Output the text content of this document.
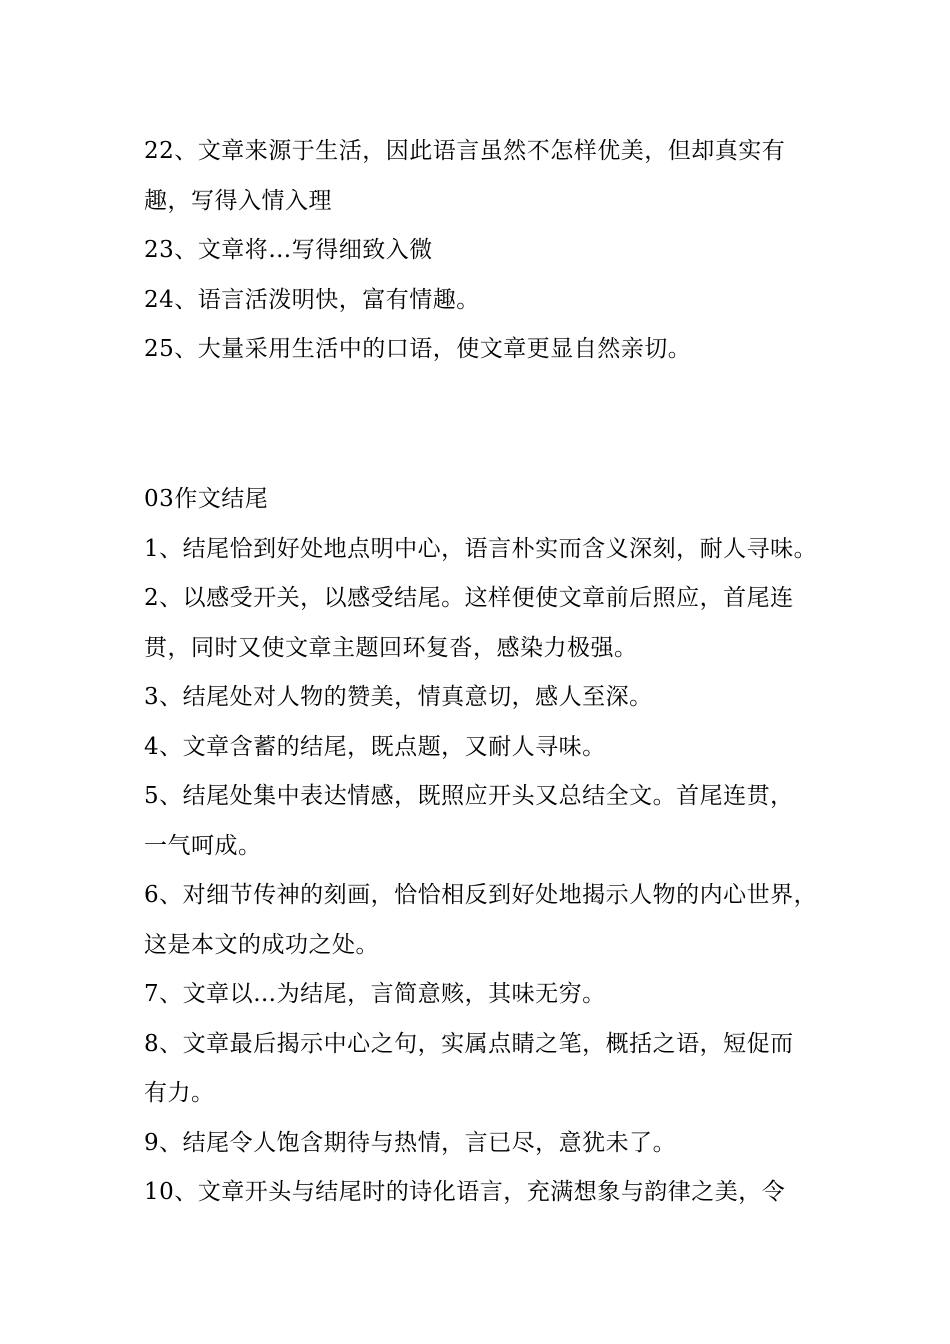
22、文章来源于生活，因此语言虽然不怎样优美，但却真实有
趣，写得入情入理
23、文章将…写得细致入微
24、语言活泼明快，富有情趣。
25、大量采用生活中的口语，使文章更显自然亲切。
03作文结尾
1、结尾恰到好处地点明中心，语言朴实而含义深刻，耐人寻味。
2、以感受开关，以感受结尾。这样便使文章前后照应，首尾连
贯，同时又使文章主题回环复沓，感染力极强。
3、结尾处对人物的赞美，情真意切，感人至深。
4、文章含蓄的结尾，既点题，又耐人寻味。
5、结尾处集中表达情感，既照应开头又总结全文。首尾连贯，
一气呵成。
6、对细节传神的刻画，恰恰相反到好处地揭示人物的内心世界，
这是本文的成功之处。
7、文章以…为结尾，言简意赅，其味无穷。
8、文章最后揭示中心之句，实属点睛之笔，概括之语，短促而
有力。
9、结尾令人饱含期待与热情，言已尽，意犹未了。
10、文章开头与结尾时的诗化语言，充满想象与韵律之美，令
